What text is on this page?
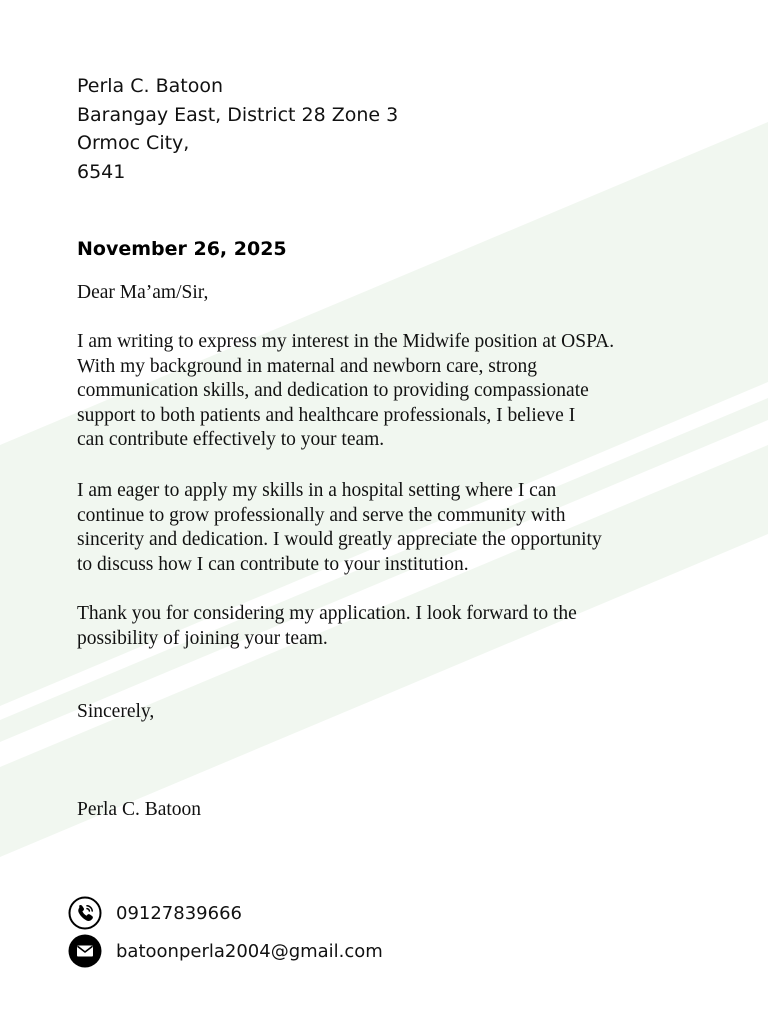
Perla C. Batoon
Barangay East, District 28 Zone 3
Ormoc City,
6541
November 26, 2025
Dear Ma’am/Sir,
I am writing to express my interest in the Midwife position at OSPA.
With my background in maternal and newborn care, strong
communication skills, and dedication to providing compassionate
support to both patients and healthcare professionals, I believe I
can contribute effectively to your team.
I am eager to apply my skills in a hospital setting where I can
continue to grow professionally and serve the community with
sincerity and dedication. I would greatly appreciate the opportunity
to discuss how I can contribute to your institution.
Thank you for considering my application. I look forward to the
possibility of joining your team.
Sincerely,
Perla C. Batoon
09127839666
batoonperla2004@gmail.com
